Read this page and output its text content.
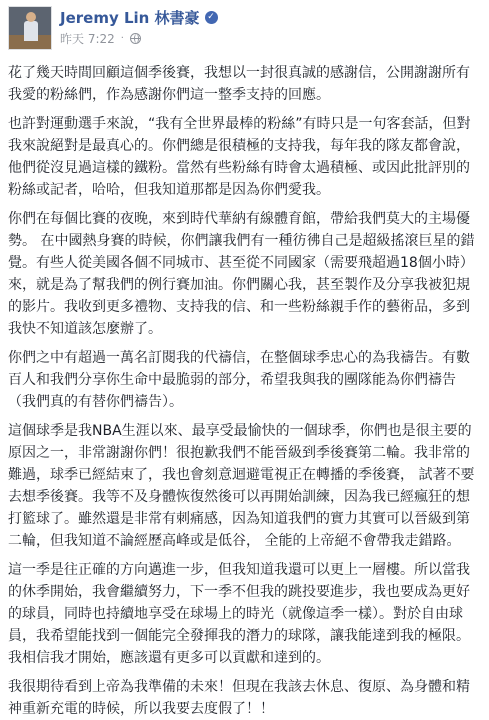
Jeremy Lin 林書豪 ✓
昨天 7:22 ·

花了幾天時間回顧這個季後賽，我想以一封很真誠的感謝信，公開謝謝所有我愛的粉絲們，作為感謝你們這一整季支持的回應。

也許對運動選手來說，“我有全世界最棒的粉絲”有時只是一句客套話，但對我來說絕對是最真心的。你們總是很積極的支持我，每年我的隊友都會說，他們從沒見過這樣的鐵粉。當然有些粉絲有時會太過積極、或因此批評別的粉絲或記者，哈哈，但我知道那都是因為你們愛我。

你們在每個比賽的夜晚，來到時代華納有線體育館，帶給我們莫大的主場優勢。 在中國熱身賽的時候，你們讓我們有一種彷彿自己是超級搖滾巨星的錯覺。有些人從美國各個不同城市、甚至從不同國家（需要飛超過18個小時）來，就是為了幫我們的例行賽加油。你們關心我，甚至製作及分享我被犯規的影片。我收到更多禮物、支持我的信、和一些粉絲親手作的藝術品，多到我快不知道該怎麼辦了。

你們之中有超過一萬名訂閱我的代禱信，在整個球季忠心的為我禱告。有數百人和我們分享你生命中最脆弱的部分，希望我與我的團隊能為你們禱告（我們真的有替你們禱告）。

這個球季是我NBA生涯以來、最享受最愉快的一個球季，你們也是很主要的原因之一，非常謝謝你們！很抱歉我們不能晉級到季後賽第二輪。我非常的難過，球季已經結束了，我也會刻意迴避電視正在轉播的季後賽， 試著不要去想季後賽。我等不及身體恢復然後可以再開始訓練，因為我已經瘋狂的想打籃球了。雖然還是非常有刺痛感，因為知道我們的實力其實可以晉級到第二輪，但我知道不論經歷高峰或是低谷， 全能的上帝絕不會帶我走錯路。

這一季是往正確的方向邁進一步，但我知道我還可以更上一層樓。所以當我的休季開始，我會繼續努力，下一季不但我的跳投要進步，我也要成為更好的球員，同時也持續地享受在球場上的時光（就像這季一樣）。對於自由球員，我希望能找到一個能完全發揮我的潛力的球隊，讓我能達到我的極限。我相信我才開始，應該還有更多可以貢獻和達到的。

我很期待看到上帝為我準備的未來！但現在我該去休息、復原、為身體和精神重新充電的時候，所以我要去度假了！！
